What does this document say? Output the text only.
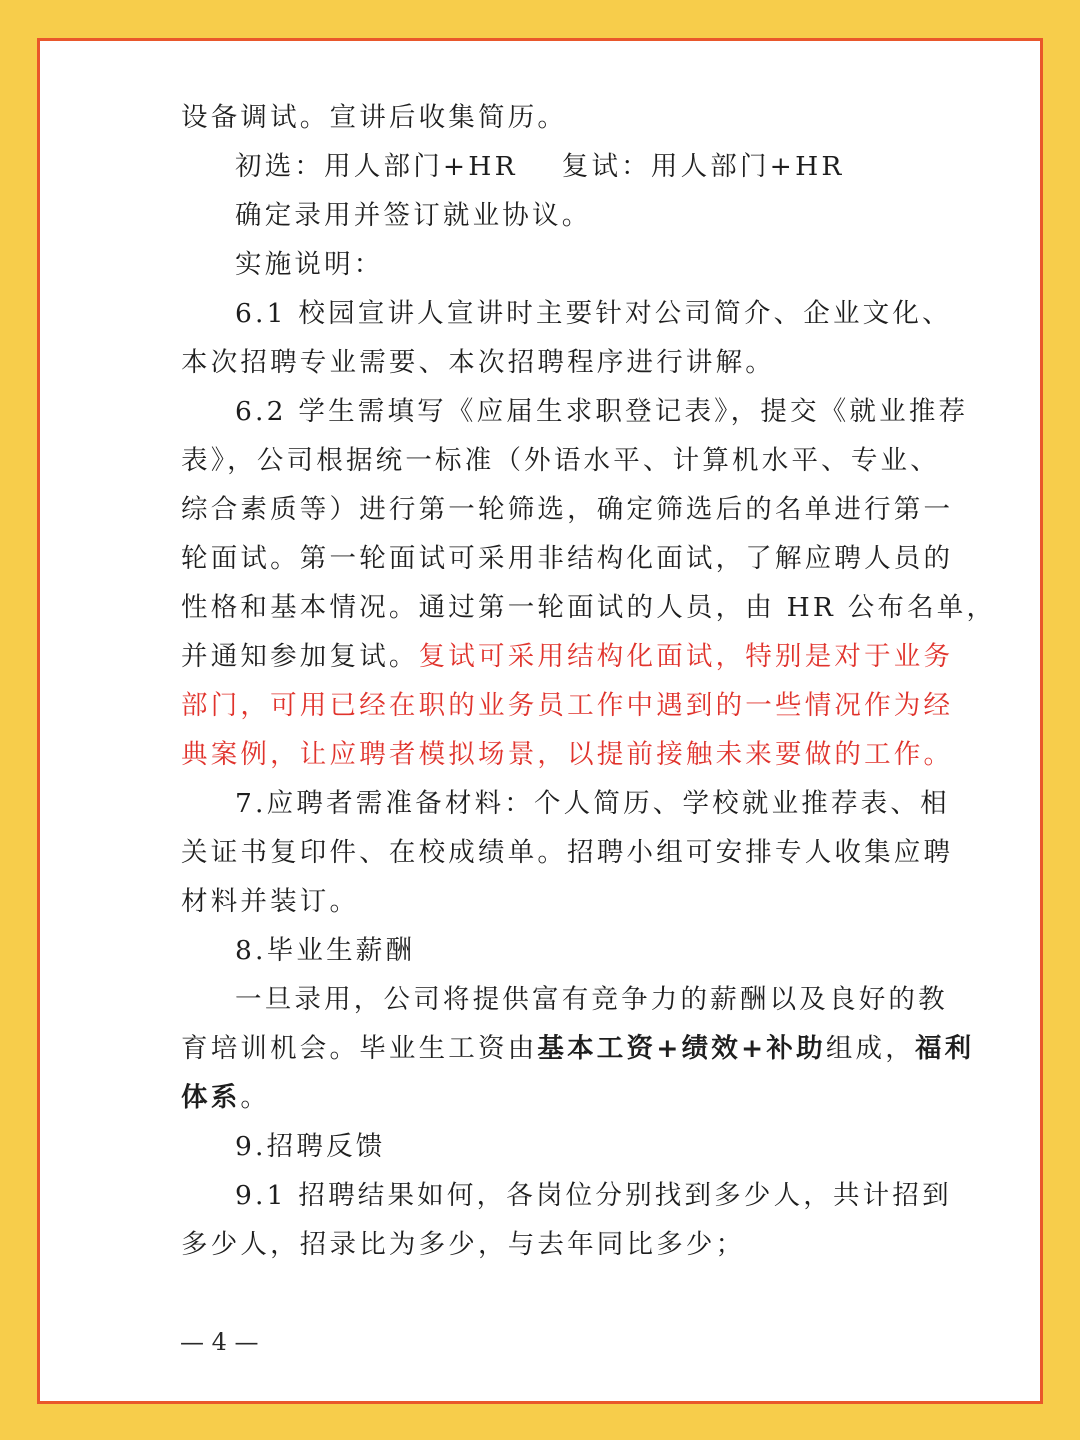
设备调试。宣讲后收集简历。
初选：用人部门+HR 复试：用人部门+HR
确定录用并签订就业协议。
实施说明：
6.1 校园宣讲人宣讲时主要针对公司简介、企业文化、
本次招聘专业需要、本次招聘程序进行讲解。
6.2 学生需填写《应届生求职登记表》，提交《就业推荐
表》，公司根据统一标准（外语水平、计算机水平、专业、
综合素质等）进行第一轮筛选，确定筛选后的名单进行第一
轮面试。第一轮面试可采用非结构化面试，了解应聘人员的
性格和基本情况。通过第一轮面试的人员，由 HR 公布名单，
并通知参加复试。复试可采用结构化面试，特别是对于业务
部门，可用已经在职的业务员工作中遇到的一些情况作为经
典案例，让应聘者模拟场景，以提前接触未来要做的工作。
7.应聘者需准备材料：个人简历、学校就业推荐表、相
关证书复印件、在校成绩单。招聘小组可安排专人收集应聘
材料并装订。
8.毕业生薪酬
一旦录用，公司将提供富有竞争力的薪酬以及良好的教
育培训机会。毕业生工资由基本工资+绩效+补助组成，福利
体系。
9.招聘反馈
9.1 招聘结果如何，各岗位分别找到多少人，共计招到
多少人，招录比为多少，与去年同比多少；
— 4 —
